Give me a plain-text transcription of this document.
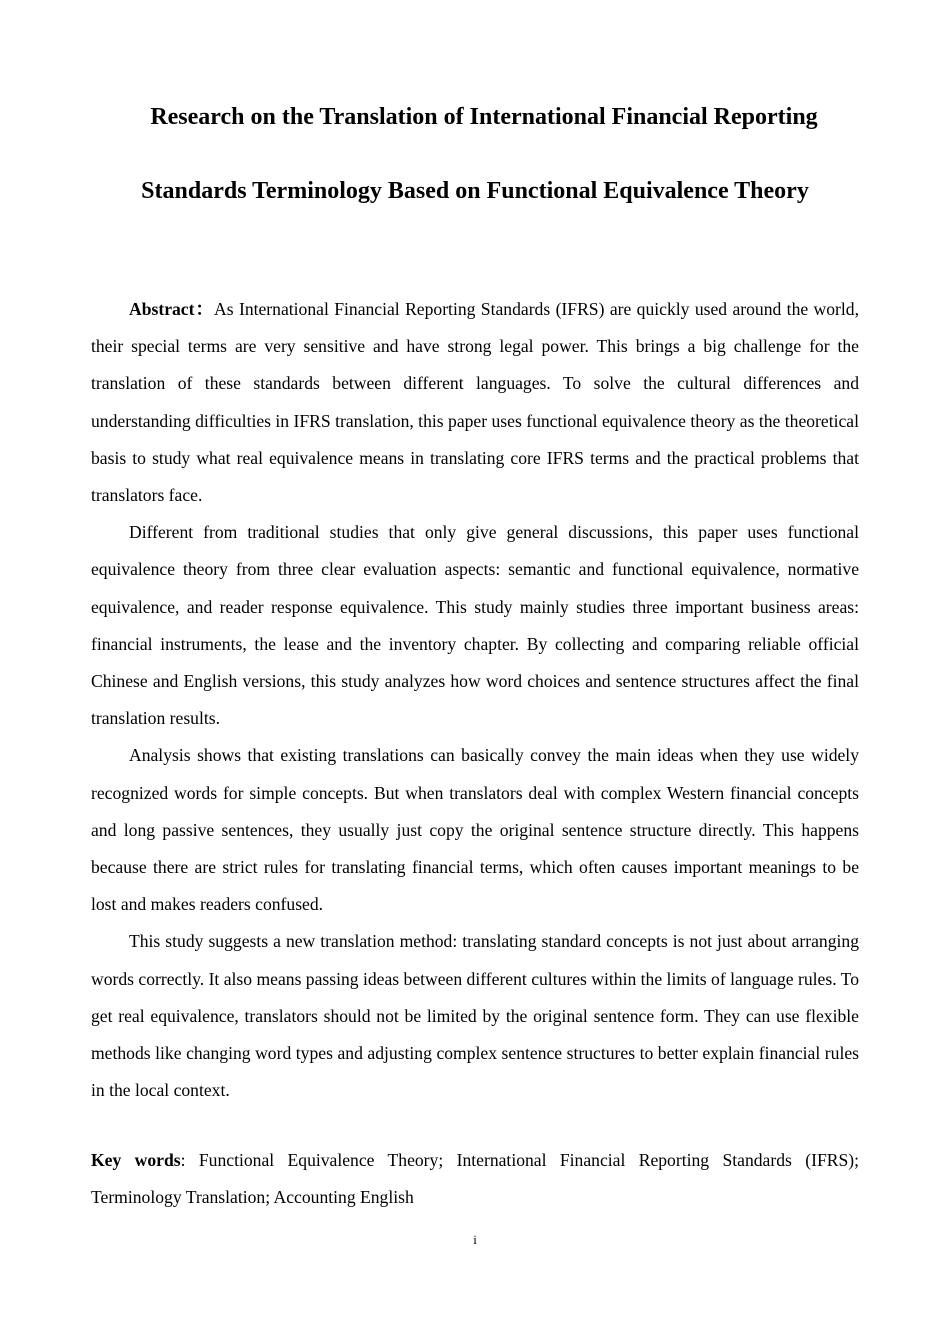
Research on the Translation of International Financial Reporting
Standards Terminology Based on Functional Equivalence Theory

Abstract：As International Financial Reporting Standards (IFRS) are quickly used around the world, their special terms are very sensitive and have strong legal power. This brings a big challenge for the translation of these standards between different languages. To solve the cultural differences and understanding difficulties in IFRS translation, this paper uses functional equivalence theory as the theoretical basis to study what real equivalence means in translating core IFRS terms and the practical problems that translators face.

Different from traditional studies that only give general discussions, this paper uses functional equivalence theory from three clear evaluation aspects: semantic and functional equivalence, normative equivalence, and reader response equivalence. This study mainly studies three important business areas: financial instruments, the lease and the inventory chapter. By collecting and comparing reliable official Chinese and English versions, this study analyzes how word choices and sentence structures affect the final translation results.

Analysis shows that existing translations can basically convey the main ideas when they use widely recognized words for simple concepts. But when translators deal with complex Western financial concepts and long passive sentences, they usually just copy the original sentence structure directly. This happens because there are strict rules for translating financial terms, which often causes important meanings to be lost and makes readers confused.

This study suggests a new translation method: translating standard concepts is not just about arranging words correctly. It also means passing ideas between different cultures within the limits of language rules. To get real equivalence, translators should not be limited by the original sentence form. They can use flexible methods like changing word types and adjusting complex sentence structures to better explain financial rules in the local context.

Key words: Functional Equivalence Theory; International Financial Reporting Standards (IFRS); Terminology Translation; Accounting English

i
